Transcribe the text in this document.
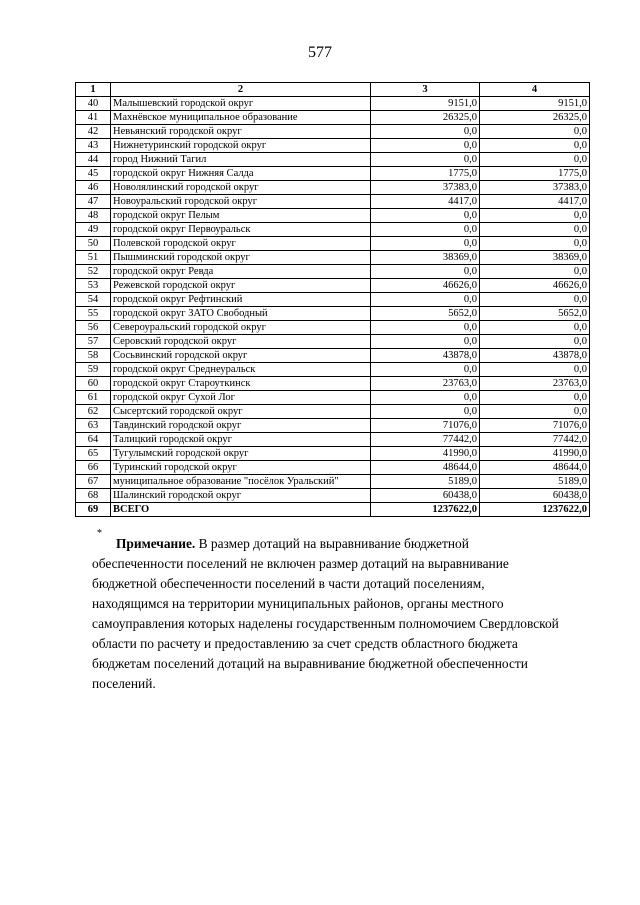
577
1	2	3	4
40	Малышевский городской округ	9151,0	9151,0
41	Махнёвское муниципальное образование	26325,0	26325,0
42	Невьянский городской округ	0,0	0,0
43	Нижнетуринский городской округ	0,0	0,0
44	город Нижний Тагил	0,0	0,0
45	городской округ Нижняя Салда	1775,0	1775,0
46	Новолялинский городской округ	37383,0	37383,0
47	Новоуральский городской округ	4417,0	4417,0
48	городской округ Пелым	0,0	0,0
49	городской округ Первоуральск	0,0	0,0
50	Полевской городской округ	0,0	0,0
51	Пышминский городской округ	38369,0	38369,0
52	городской округ Ревда	0,0	0,0
53	Режевской городской округ	46626,0	46626,0
54	городской округ Рефтинский	0,0	0,0
55	городской округ ЗАТО Свободный	5652,0	5652,0
56	Североуральский городской округ	0,0	0,0
57	Серовский городской округ	0,0	0,0
58	Сосьвинский городской округ	43878,0	43878,0
59	городской округ Среднеуральск	0,0	0,0
60	городской округ Староуткинск	23763,0	23763,0
61	городской округ Сухой Лог	0,0	0,0
62	Сысертский городской округ	0,0	0,0
63	Тавдинский городской округ	71076,0	71076,0
64	Талицкий городской округ	77442,0	77442,0
65	Тугулымский городской округ	41990,0	41990,0
66	Туринский городской округ	48644,0	48644,0
67	муниципальное образование "посёлок Уральский"	5189,0	5189,0
68	Шалинский городской округ	60438,0	60438,0
69	ВСЕГО	1237622,0	1237622,0
*

Примечание. В размер дотаций на выравнивание бюджетной обеспеченности поселений не включен размер дотаций на выравнивание бюджетной обеспеченности поселений в части дотаций поселениям, находящимся на территории муниципальных районов, органы местного самоуправления которых наделены государственным полномочием Свердловской области по расчету и предоставлению за счет средств областного бюджета бюджетам поселений дотаций на выравнивание бюджетной обеспеченности поселений.
